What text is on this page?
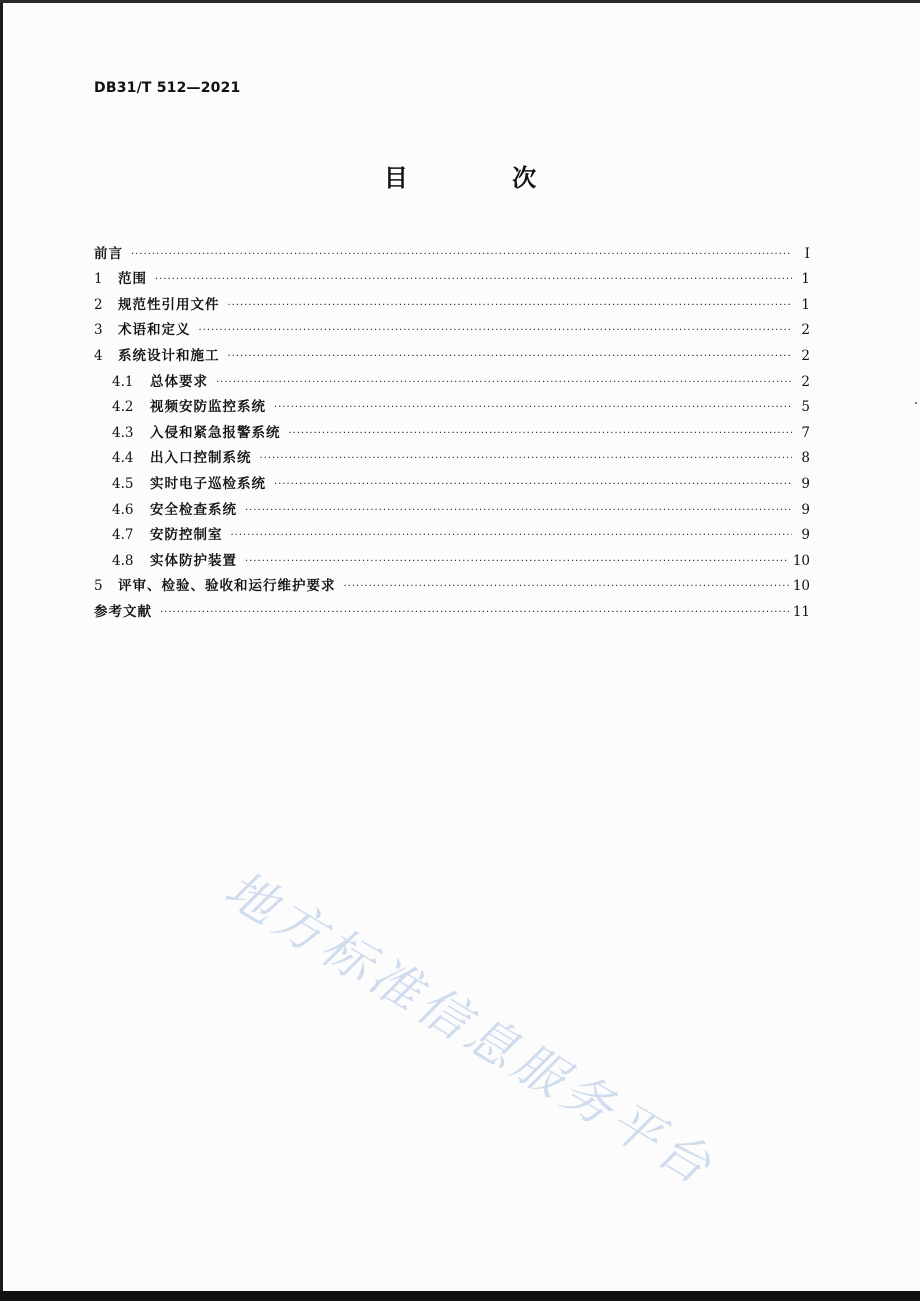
DB31/T 512—2021
目 次
前言 ·····	I
1	范围 ·····	1
2	规范性引用文件 ·····	1
3	术语和定义 ·····	2
4	系统设计和施工 ·····	2
4.1	总体要求 ·····	2
4.2	视频安防监控系统 ·····	5
4.3	入侵和紧急报警系统 ·····	7
4.4	出入口控制系统 ·····	8
4.5	实时电子巡检系统 ·····	9
4.6	安全检查系统 ·····	9
4.7	安防控制室 ·····	9
4.8	实体防护装置 ·····	10
5	评审、检验、验收和运行维护要求 ·····	10
参考文献 ·····	11
地方标准信息服务平台
